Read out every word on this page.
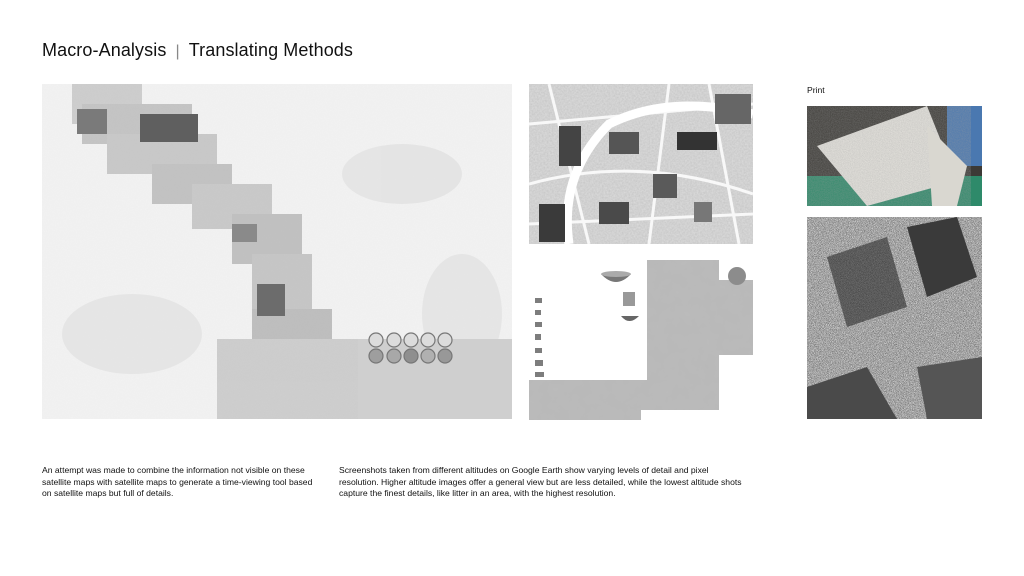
Macro-Analysis | Translating Methods
Print
An attempt was made to combine the information not visible on these satellite maps with satellite maps to generate a time-viewing tool based on satellite maps but full of details.
Screenshots taken from different altitudes on Google Earth show varying levels of detail and pixel resolution. Higher altitude images offer a general view but are less detailed, while the lowest altitude shots capture the finest details, like litter in an area, with the highest resolution.
